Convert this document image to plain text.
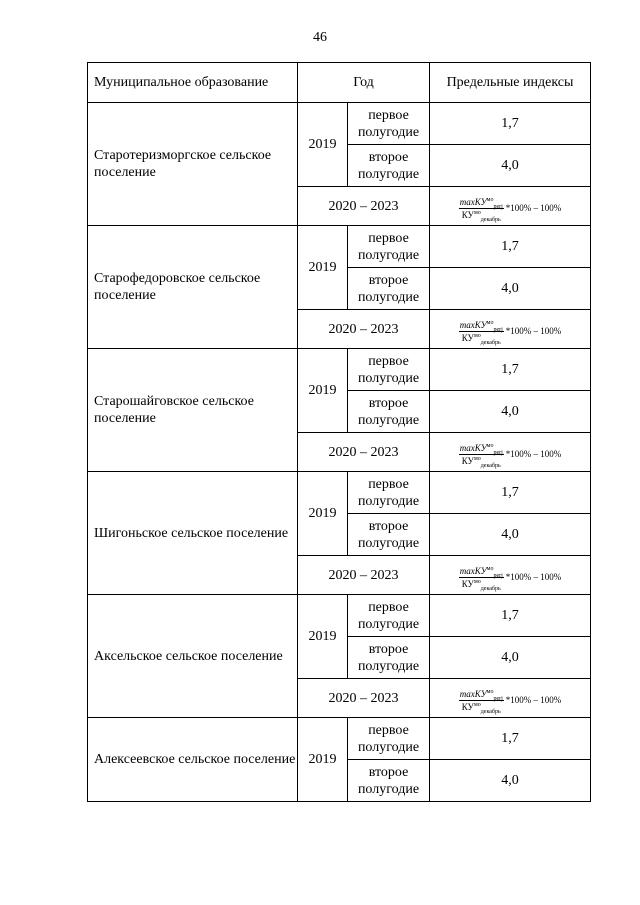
46
Муниципальное образование	Год		Предельные индексы
Старотеризморгское сельское поселение	2019	первое полугодие	1,7
		второе полугодие	4,0
	2020 – 2023		$\frac{\max КУ^{мо}_{реrj}}{КУ^{мо}_{декабрь}} *100\% - 100\%$

Старофедоровское сельское поселение	2019	первое полугодие	1,7
		второе полугодие	4,0
	2020 – 2023		$\frac{\max КУ^{мо}_{реrj}}{КУ^{мо}_{декабрь}} *100\% - 100\%$

Старошайговское сельское поселение	2019	первое полугодие	1,7
		второе полугодие	4,0
	2020 – 2023		$\frac{\max КУ^{мо}_{реrj}}{КУ^{мо}_{декабрь}} *100\% - 100\%$

Шигоньское сельское поселение	2019	первое полугодие	1,7
		второе полугодие	4,0
	2020 – 2023		$\frac{\max КУ^{мо}_{реrj}}{КУ^{мо}_{декабрь}} *100\% - 100\%$

Аксельское сельское поселение	2019	первое полугодие	1,7
		второе полугодие	4,0
	2020 – 2023		$\frac{\max КУ^{мо}_{реrj}}{КУ^{мо}_{декабрь}} *100\% - 100\%$

Алексеевское сельское поселение	2019	первое полугодие	1,7
		второе полугодие	4,0
